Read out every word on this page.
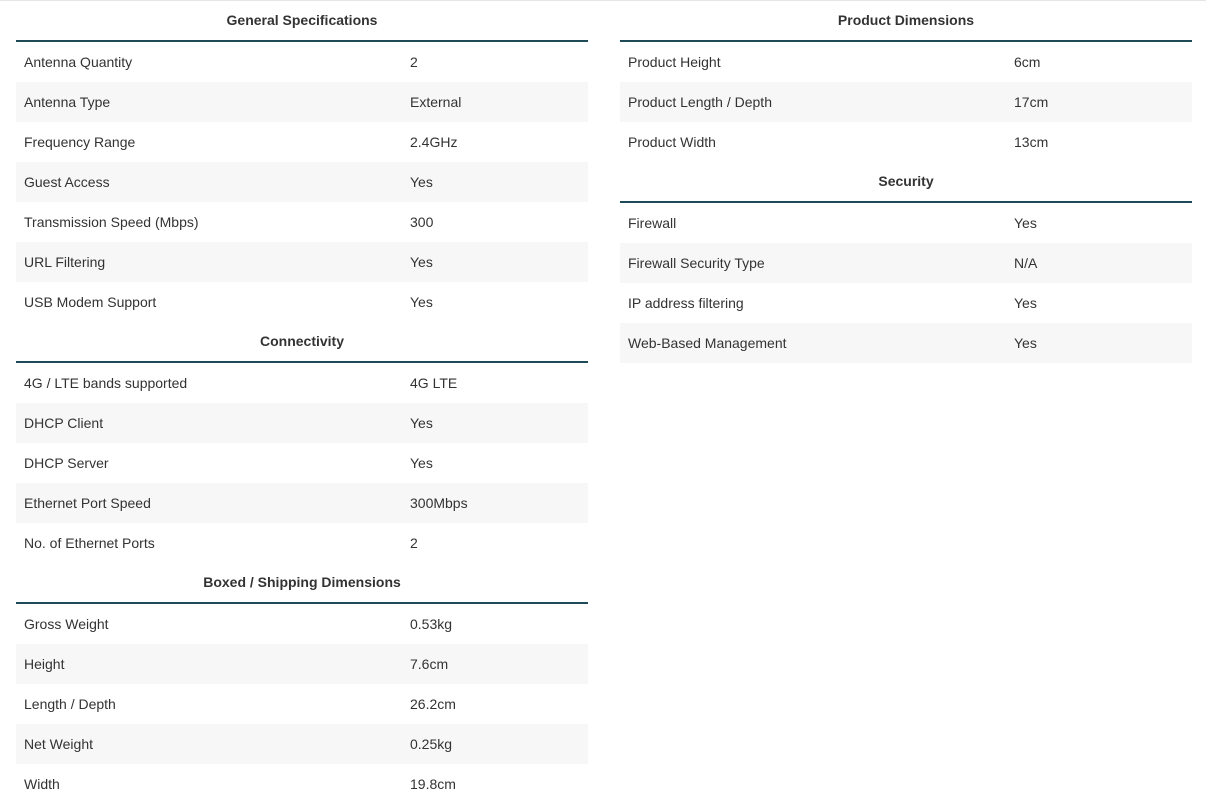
General Specifications
Antenna Quantity	2
Antenna Type	External
Frequency Range	2.4GHz
Guest Access	Yes
Transmission Speed (Mbps)	300
URL Filtering	Yes
USB Modem Support	Yes
Connectivity
4G / LTE bands supported	4G LTE
DHCP Client	Yes
DHCP Server	Yes
Ethernet Port Speed	300Mbps
No. of Ethernet Ports	2
Boxed / Shipping Dimensions
Gross Weight	0.53kg
Height	7.6cm
Length / Depth	26.2cm
Net Weight	0.25kg
Width	19.8cm
Product Dimensions
Product Height	6cm
Product Length / Depth	17cm
Product Width	13cm
Security
Firewall	Yes
Firewall Security Type	N/A
IP address filtering	Yes
Web-Based Management	Yes
